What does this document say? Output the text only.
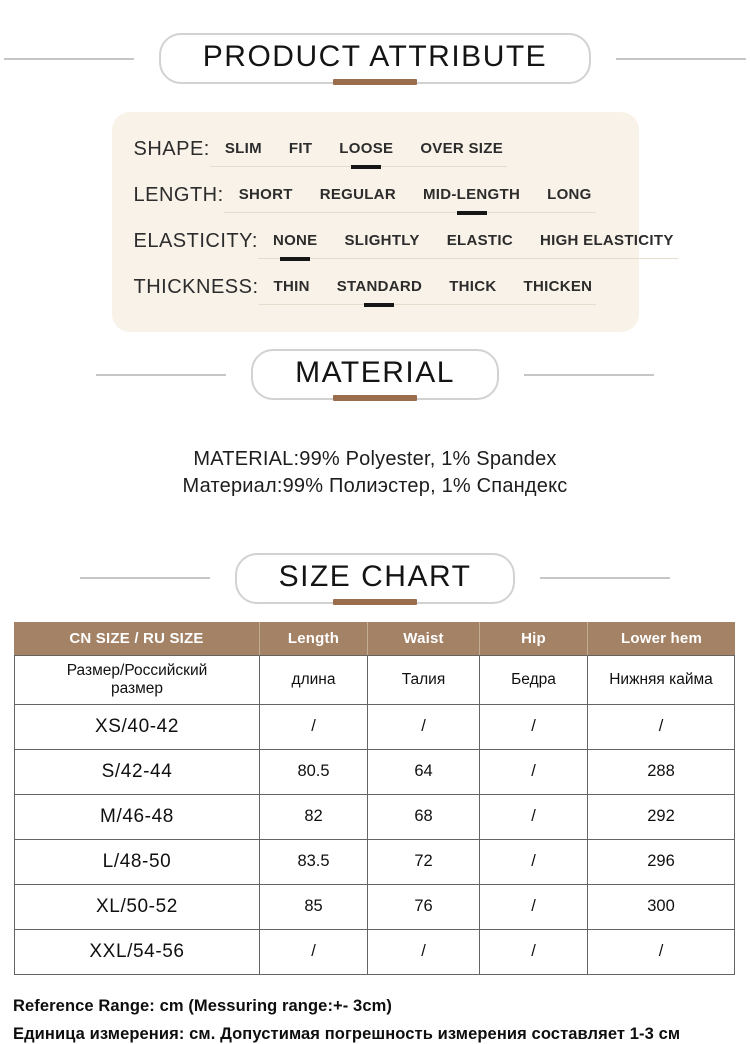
PRODUCT ATTRIBUTE
SHAPE: SLIM FIT LOOSE OVER SIZE
LENGTH: SHORT REGULAR MID-LENGTH LONG
ELASTICITY: NONE SLIGHTLY ELASTIC HIGH ELASTICITY
THICKNESS: THIN STANDARD THICK THICKEN
MATERIAL
MATERIAL:99% Polyester, 1% Spandex
Материал:99% Полиэстер, 1% Спандекс
SIZE CHART
CN SIZE / RU SIZE	Length	Waist	Hip	Lower hem
Размер/Российский размер	длина	Талия	Бедра	Нижняя кайма
XS/40-42	/	/	/	/
S/42-44	80.5	64	/	288
M/46-48	82	68	/	292
L/48-50	83.5	72	/	296
XL/50-52	85	76	/	300
XXL/54-56	/	/	/	/
Reference Range: cm (Messuring range:+- 3cm)
Единица измерения: см. Допустимая погрешность измерения составляет 1-3 см
